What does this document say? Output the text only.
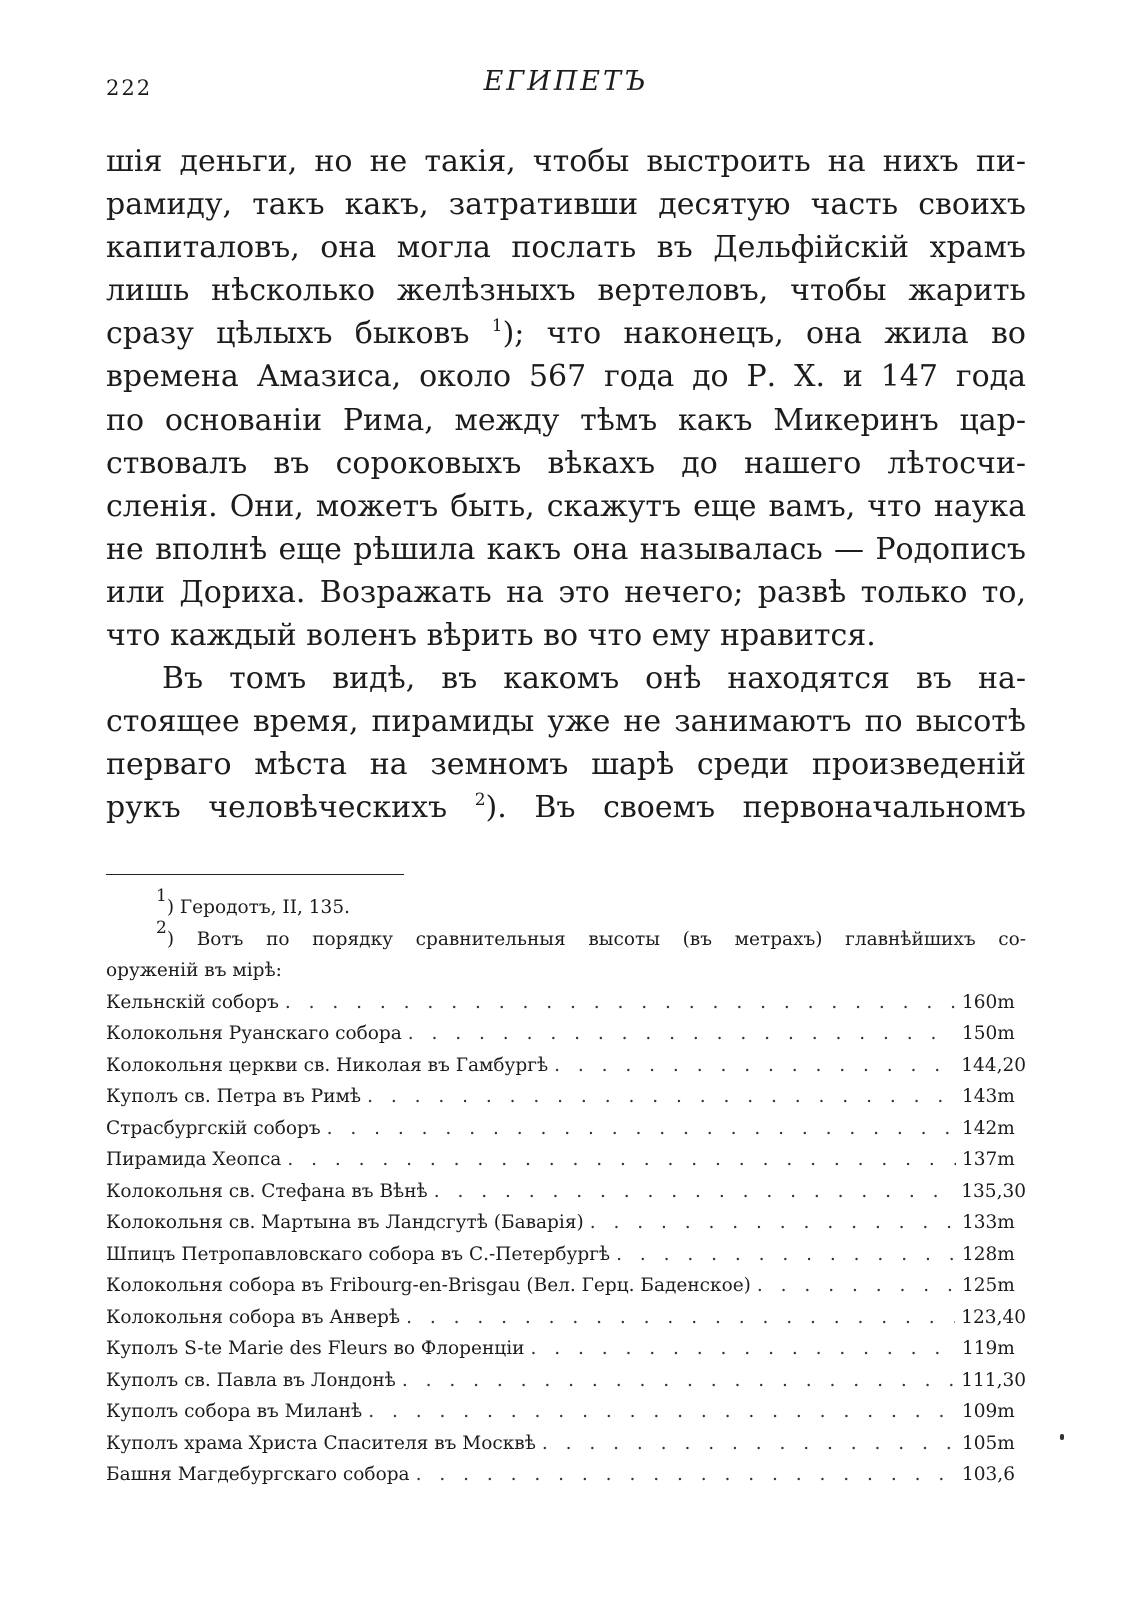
222	ЕГИПЕТЪ
шія деньги, но не такія, чтобы выстроить на нихъ пи-
рамиду, такъ какъ, затративши десятую часть своихъ
капиталовъ, она могла послать въ Дельфійскій храмъ
лишь нѣсколько желѣзныхъ вертеловъ, чтобы жарить
сразу цѣлыхъ быковъ $^1$); что наконецъ, она жила во
времена Амазиса, около 567 года до Р. Х. и 147 года
по основаніи Рима, между тѣмъ какъ Микеринъ цар-
ствовалъ въ сороковыхъ вѣкахъ до нашего лѣтосчи-
сленія. Они, можетъ быть, скажутъ еще вамъ, что наука
не вполнѣ еще рѣшила какъ она называлась — Родописъ
или Дориха. Возражать на это нечего; развѣ только то,
что каждый воленъ вѣрить во что ему нравится.
Въ томъ видѣ, въ какомъ онѣ находятся въ на-
стоящее время, пирамиды уже не занимаютъ по высотѣ
перваго мѣста на земномъ шарѣ среди произведеній
рукъ человѣческихъ $^2$). Въ своемъ первоначальномъ
$^1$) Геродотъ, II, 135.
$^2$) Вотъ по порядку сравнительныя высоты (въ метрахъ) главнѣйшихъ со-
оруженій въ мірѣ:
Кельнскій соборъ . . .	160m
Колокольня Руанскаго собора . . .	150m
Колокольня церкви св. Николая въ Гамбургѣ . . .	144,20
Куполъ св. Петра въ Римѣ . . .	143m
Страсбургскій соборъ . . .	142m
Пирамида Хеопса . . .	137m
Колокольня св. Стефана въ Вѣнѣ . . .	135,30
Колокольня св. Мартына въ Ландсгутѣ (Баварія) . . .	133m
Шпицъ Петропавловскаго собора въ С.-Петербургѣ . . .	128m
Колокольня собора въ Fribourg-en-Brisgau (Вел. Герц. Баденское) . . .	125m
Колокольня собора въ Анверѣ . . .	123,40
Куполъ S-te Marie des Fleurs во Флоренціи . . .	119m
Куполъ св. Павла въ Лондонѣ . . .	111,30
Куполъ собора въ Миланѣ . . .	109m
Куполъ храма Христа Спасителя въ Москвѣ . . .	105m
Башня Магдебургскаго собора . . .	103,6
